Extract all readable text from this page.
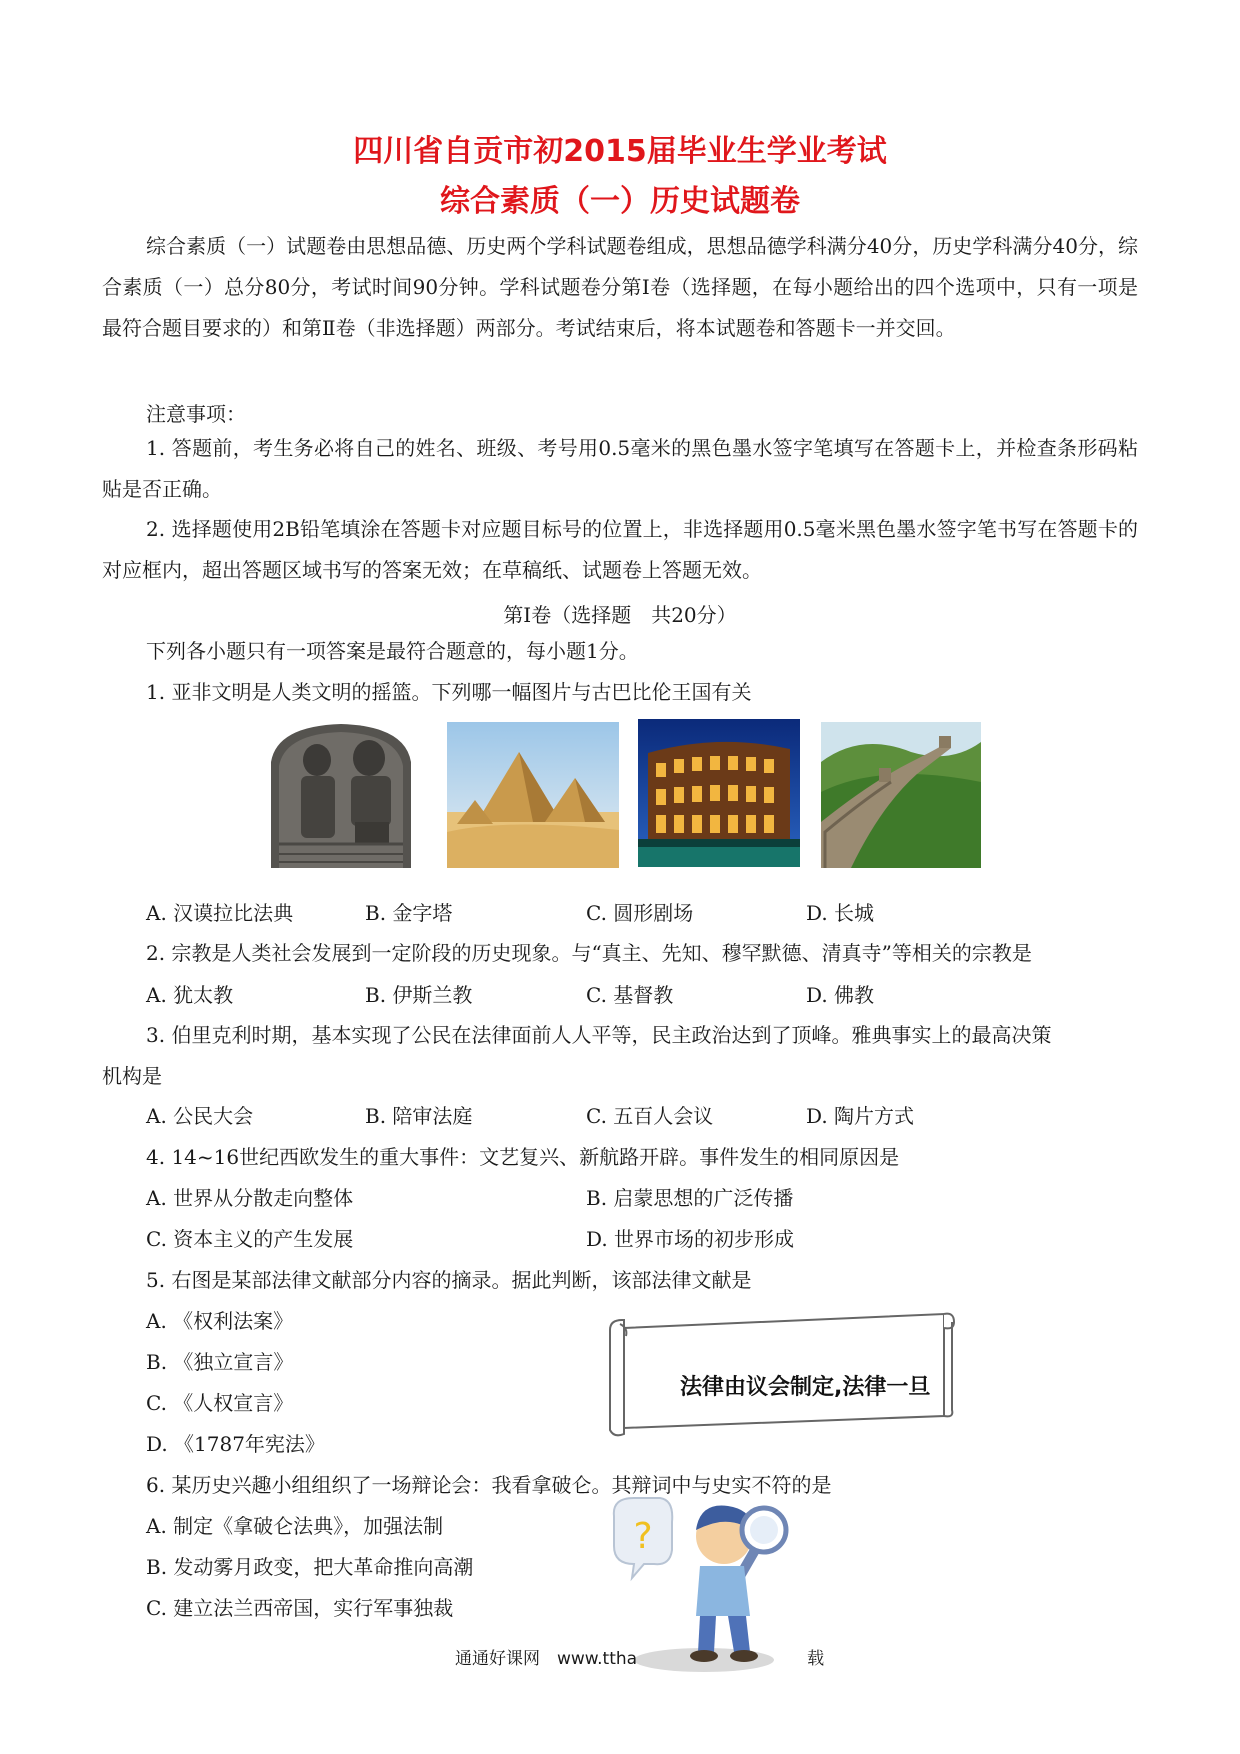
四川省自贡市初2015届毕业生学业考试
综合素质（一）历史试题卷
综合素质（一）试题卷由思想品德、历史两个学科试题卷组成，思想品德学科满分40分，历史学科满分40分，综合素质（一）总分80分，考试时间90分钟。学科试题卷分第Ⅰ卷（选择题，在每小题给出的四个选项中，只有一项是最符合题目要求的）和第Ⅱ卷（非选择题）两部分。考试结束后，将本试题卷和答题卡一并交回。
注意事项：
1. 答题前，考生务必将自己的姓名、班级、考号用0.5毫米的黑色墨水签字笔填写在答题卡上，并检查条形码粘贴是否正确。
2. 选择题使用2B铅笔填涂在答题卡对应题目标号的位置上，非选择题用0.5毫米黑色墨水签字笔书写在答题卡的对应框内，超出答题区域书写的答案无效；在草稿纸、试题卷上答题无效。
第Ⅰ卷（选择题　共20分）
下列各小题只有一项答案是最符合题意的，每小题1分。
1. 亚非文明是人类文明的摇篮。下列哪一幅图片与古巴比伦王国有关
A. 汉谟拉比法典	B. 金字塔	C. 圆形剧场	D. 长城
2. 宗教是人类社会发展到一定阶段的历史现象。与“真主、先知、穆罕默德、清真寺”等相关的宗教是
A. 犹太教	B. 伊斯兰教	C. 基督教	D. 佛教
3. 伯里克利时期，基本实现了公民在法律面前人人平等，民主政治达到了顶峰。雅典事实上的最高决策
机构是
A. 公民大会	B. 陪审法庭	C. 五百人会议	D. 陶片方式
4. 14~16世纪西欧发生的重大事件：文艺复兴、新航路开辟。事件发生的相同原因是
A. 世界从分散走向整体	B. 启蒙思想的广泛传播
C. 资本主义的产生发展	D. 世界市场的初步形成
5. 右图是某部法律文献部分内容的摘录。据此判断，该部法律文献是
A. 《权利法案》
B. 《独立宣言》
C. 《人权宣言》
D. 《1787年宪法》
法律由议会制定,法律一旦
6. 某历史兴趣小组组织了一场辩论会：我看拿破仑。其辩词中与史实不符的是
A. 制定《拿破仑法典》，加强法制
B. 发动雾月政变，把大革命推向高潮
C. 建立法兰西帝国，实行军事独裁
?
通通好课网　www.ttha	载
